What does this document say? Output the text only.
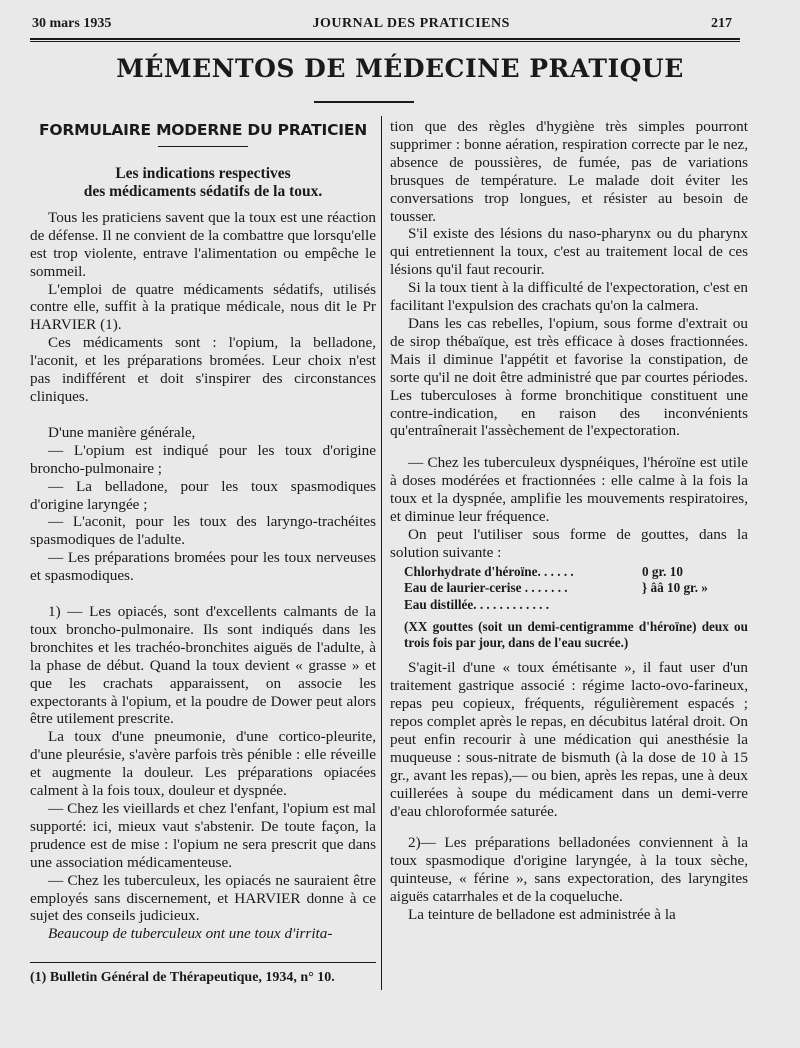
30 mars 1935	JOURNAL DES PRATICIENS	217
MÉMENTOS DE MÉDECINE PRATIQUE
FORMULAIRE MODERNE DU PRATICIEN
Les indications respectives
des médicaments sédatifs de la toux.

Tous les praticiens savent que la toux est une réaction de défense. Il ne convient de la combattre que lorsqu'elle est trop violente, entrave l'alimentation ou empêche le sommeil.

L'emploi de quatre médicaments sédatifs, utilisés contre elle, suffit à la pratique médicale, nous dit le Pr HARVIER (1).

Ces médicaments sont : l'opium, la belladone, l'aconit, et les préparations bromées. Leur choix n'est pas indifférent et doit s'inspirer des circonstances cliniques.

D'une manière générale,

— L'opium est indiqué pour les toux d'origine broncho-pulmonaire ;

— La belladone, pour les toux spasmodiques d'origine laryngée ;

— L'aconit, pour les toux des laryngo-trachéites spasmodiques de l'adulte.

— Les préparations bromées pour les toux nerveuses et spasmodiques.

1) — Les opiacés, sont d'excellents calmants de la toux broncho-pulmonaire. Ils sont indiqués dans les bronchites et les trachéo-bronchites aiguës de l'adulte, à la phase de début. Quand la toux devient « grasse » et que les crachats apparaissent, on associe les expectorants à l'opium, et la poudre de Dower peut alors être utilement prescrite.

La toux d'une pneumonie, d'une cortico-pleurite, d'une pleurésie, s'avère parfois très pénible : elle réveille et augmente la douleur. Les préparations opiacées calment à la fois toux, douleur et dyspnée.

— Chez les vieillards et chez l'enfant, l'opium est mal supporté: ici, mieux vaut s'abstenir. De toute façon, la prudence est de mise : l'opium ne sera prescrit que dans une association médicamenteuse.

— Chez les tuberculeux, les opiacés ne sauraient être employés sans discernement, et HARVIER donne à ce sujet des conseils judicieux.

Beaucoup de tuberculeux ont une toux d'irrita-

(1) Bulletin Général de Thérapeutique, 1934, n° 10.

tion que des règles d'hygiène très simples pourront supprimer : bonne aération, respiration correcte par le nez, absence de poussières, de fumée, pas de variations brusques de température. Le malade doit éviter les conversations trop longues, et résister au besoin de tousser.

S'il existe des lésions du naso-pharynx ou du pharynx qui entretiennent la toux, c'est au traitement local de ces lésions qu'il faut recourir.

Si la toux tient à la difficulté de l'expectoration, c'est en facilitant l'expulsion des crachats qu'on la calmera.

Dans les cas rebelles, l'opium, sous forme d'extrait ou de sirop thébaïque, est très efficace à doses fractionnées. Mais il diminue l'appétit et favorise la constipation, de sorte qu'il ne doit être administré que par courtes périodes. Les tuberculoses à forme bronchitique constituent une contre-indication, en raison des inconvénients qu'entraînerait l'assèchement de l'expectoration.

— Chez les tuberculeux dyspnéiques, l'héroïne est utile à doses modérées et fractionnées : elle calme à la fois la toux et la dyspnée, amplifie les mouvements respiratoires, et diminue leur fréquence.

On peut l'utiliser sous forme de gouttes, dans la solution suivante :

Chlorhydrate d'héroïne. . . . . .	0 gr. 10
Eau de laurier-cerise . . . . . . .	} ââ 10 gr. »
Eau distillée. . . . . . . . . . . .
(XX gouttes (soit un demi-centigramme d'héroïne) deux ou trois fois par jour, dans de l'eau sucrée.)

S'agit-il d'une « toux émétisante », il faut user d'un traitement gastrique associé : régime lacto-ovo-farineux, repas peu copieux, fréquents, régulièrement espacés ; repos complet après le repas, en décubitus latéral droit. On peut enfin recourir à une médication qui anesthésie la muqueuse : sous-nitrate de bismuth (à la dose de 10 à 15 gr., avant les repas),— ou bien, après les repas, une à deux cuillerées à soupe du médicament dans un demi-verre d'eau chloroformée saturée.

2)— Les préparations belladonées conviennent à la toux spasmodique d'origine laryngée, à la toux sèche, quinteuse, « férine », sans expectoration, des laryngites aiguës catarrhales et de la coqueluche.

La teinture de belladone est administrée à la
